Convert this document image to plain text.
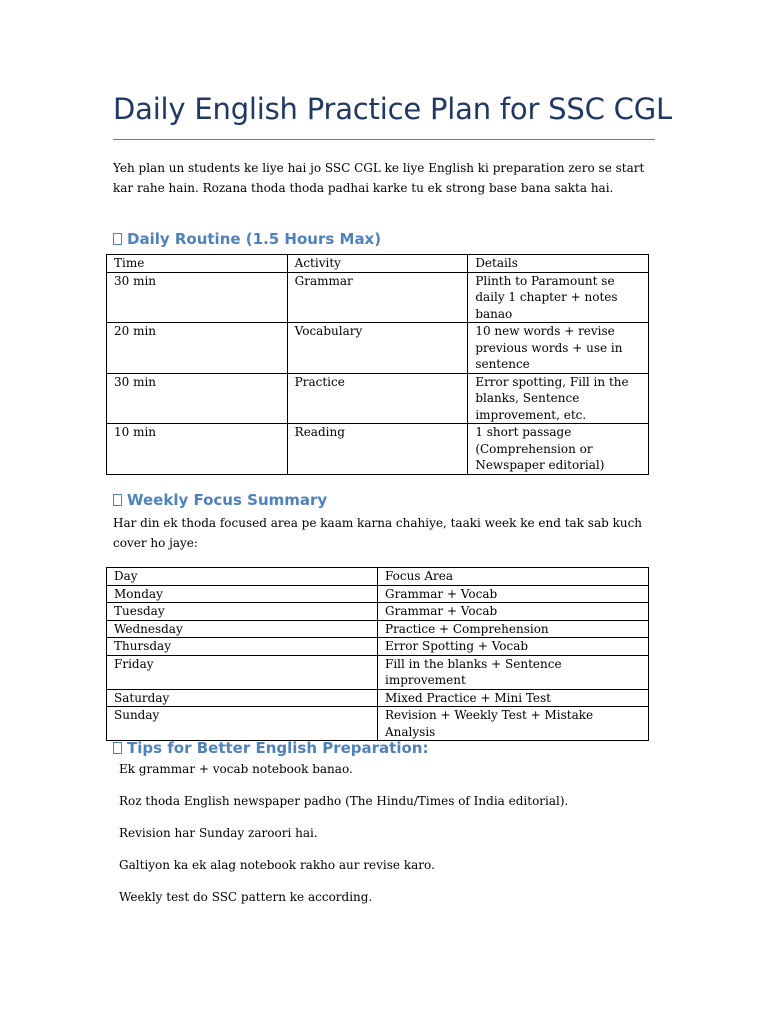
Daily English Practice Plan for SSC CGL
Yeh plan un students ke liye hai jo SSC CGL ke liye English ki preparation zero se start kar rahe hain. Rozana thoda thoda padhai karke tu ek strong base bana sakta hai.
Daily Routine (1.5 Hours Max)
Time	Activity	Details
30 min	Grammar	Plinth to Paramount se daily 1 chapter + notes banao
20 min	Vocabulary	10 new words + revise previous words + use in sentence
30 min	Practice	Error spotting, Fill in the blanks, Sentence improvement, etc.
10 min	Reading	1 short passage (Comprehension or Newspaper editorial)
Weekly Focus Summary
Har din ek thoda focused area pe kaam karna chahiye, taaki week ke end tak sab kuch cover ho jaye:
Day	Focus Area
Monday	Grammar + Vocab
Tuesday	Grammar + Vocab
Wednesday	Practice + Comprehension
Thursday	Error Spotting + Vocab
Friday	Fill in the blanks + Sentence improvement
Saturday	Mixed Practice + Mini Test
Sunday	Revision + Weekly Test + Mistake Analysis
Tips for Better English Preparation:
Ek grammar + vocab notebook banao.
Roz thoda English newspaper padho (The Hindu/Times of India editorial).
Revision har Sunday zaroori hai.
Galtiyon ka ek alag notebook rakho aur revise karo.
Weekly test do SSC pattern ke according.
